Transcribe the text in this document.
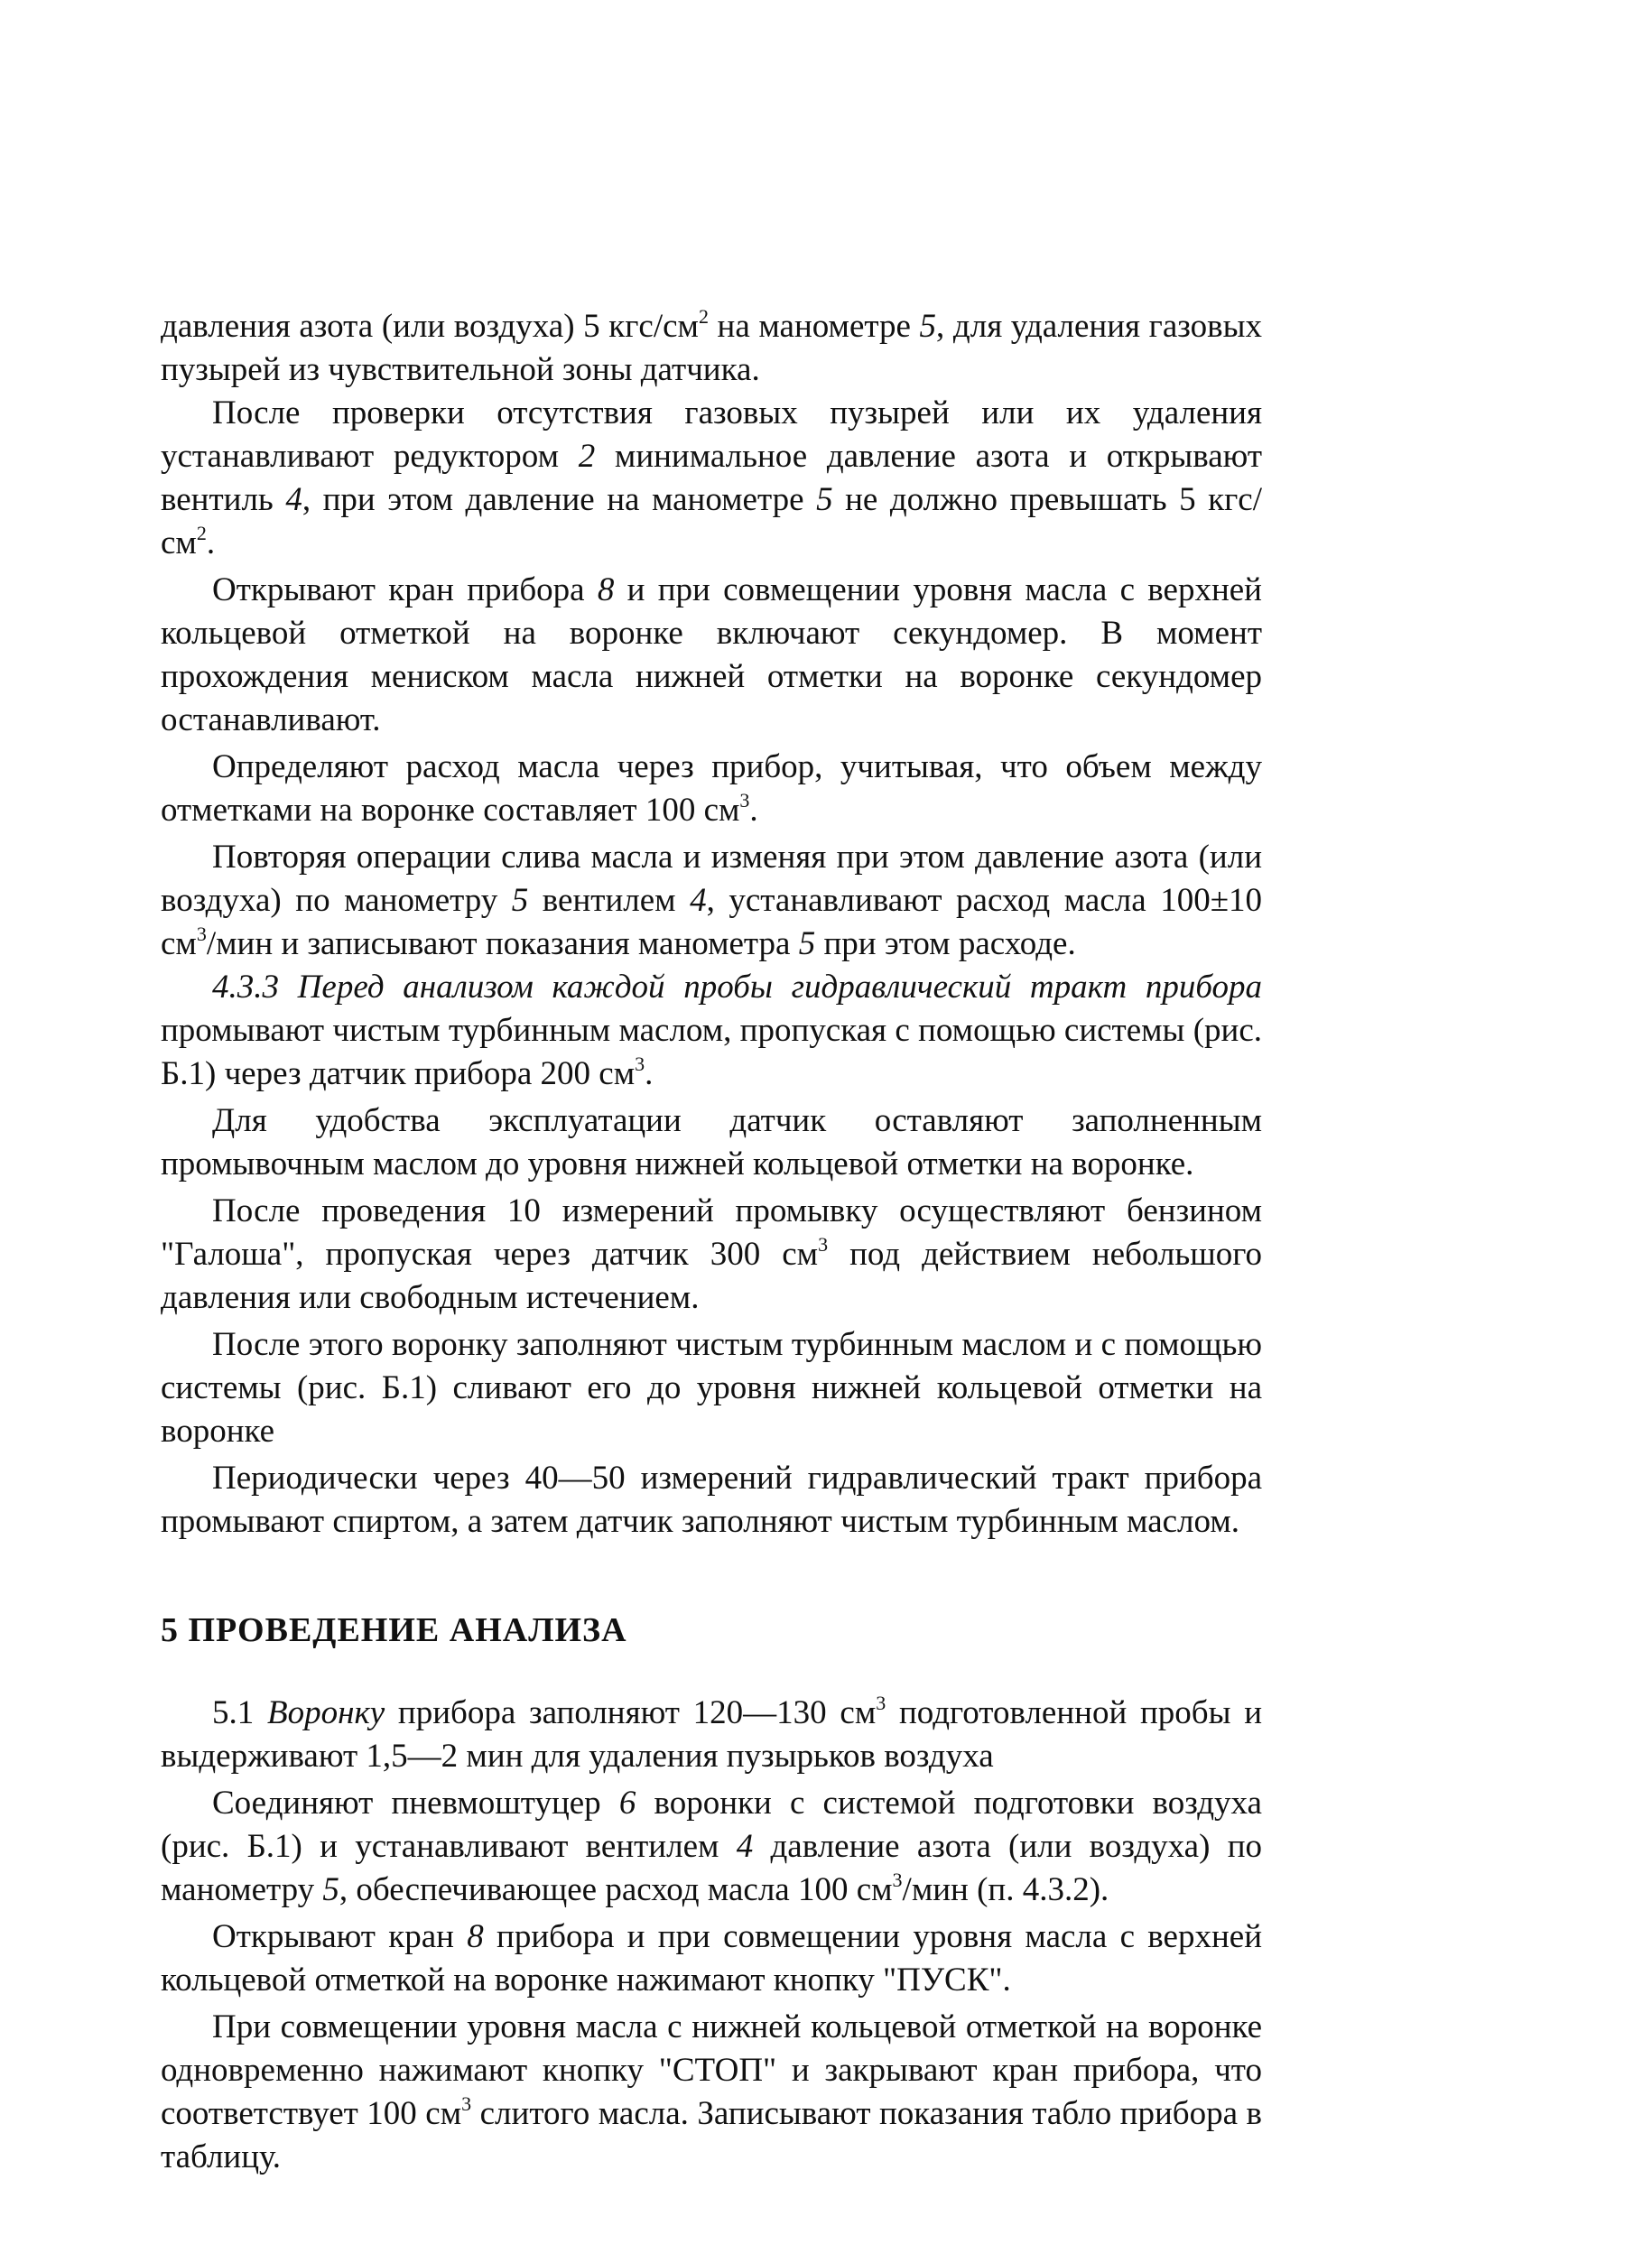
давления азота (или воздуха) 5 кгс/$см^2$ на манометре 5, для удаления газовых пузырей из чувствительной зоны датчика.

После проверки отсутствия газовых пузырей или их удаления устанавливают редуктором 2 минимальное давление азота и открывают вентиль 4, при этом давление на манометре 5 не должно превышать 5 кгс/$см^2$.

Открывают кран прибора 8 и при совмещении уровня масла с верхней кольцевой отметкой на воронке включают секундомер. В момент прохождения мениском масла нижней отметки на воронке секундомер останавливают.

Определяют расход масла через прибор, учитывая, что объем между отметками на воронке составляет 100 $см^3$.

Повторяя операции слива масла и изменяя при этом давление азота (или воздуха) по манометру 5 вентилем 4, устанавливают расход масла 100±10 $см^3$/мин и записывают показания манометра 5 при этом расходе.

4.3.3 Перед анализом каждой пробы гидравлический тракт прибора промывают чистым турбинным маслом, пропуская с помощью системы (рис. Б.1) через датчик прибора 200 $см^3$.

Для удобства эксплуатации датчик оставляют заполненным промывочным маслом до уровня нижней кольцевой отметки на воронке.

После проведения 10 измерений промывку осуществляют бензином "Галоша", пропуская через датчик 300 $см^3$ под действием небольшого давления или свободным истечением.

После этого воронку заполняют чистым турбинным маслом и с помощью системы (рис. Б.1) сливают его до уровня нижней кольцевой отметки на воронке

Периодически через 40—50 измерений гидравлический тракт прибора промывают спиртом, а затем датчик заполняют чистым турбинным маслом.

5 ПРОВЕДЕНИЕ АНАЛИЗА

5.1 Воронку прибора заполняют 120—130 $см^3$ подготовленной пробы и выдерживают 1,5—2 мин для удаления пузырьков воздуха

Соединяют пневмоштуцер 6 воронки с системой подготовки воздуха (рис. Б.1) и устанавливают вентилем 4 давление азота (или воздуха) по манометру 5, обеспечивающее расход масла 100 $см^3$/мин (п. 4.3.2).

Открывают кран 8 прибора и при совмещении уровня масла с верхней кольцевой отметкой на воронке нажимают кнопку "ПУСК".

При совмещении уровня масла с нижней кольцевой отметкой на воронке одновременно нажимают кнопку "СТОП" и закрывают кран прибора, что соответствует 100 $см^3$ слитого масла. Записывают показания табло прибора в таблицу.
